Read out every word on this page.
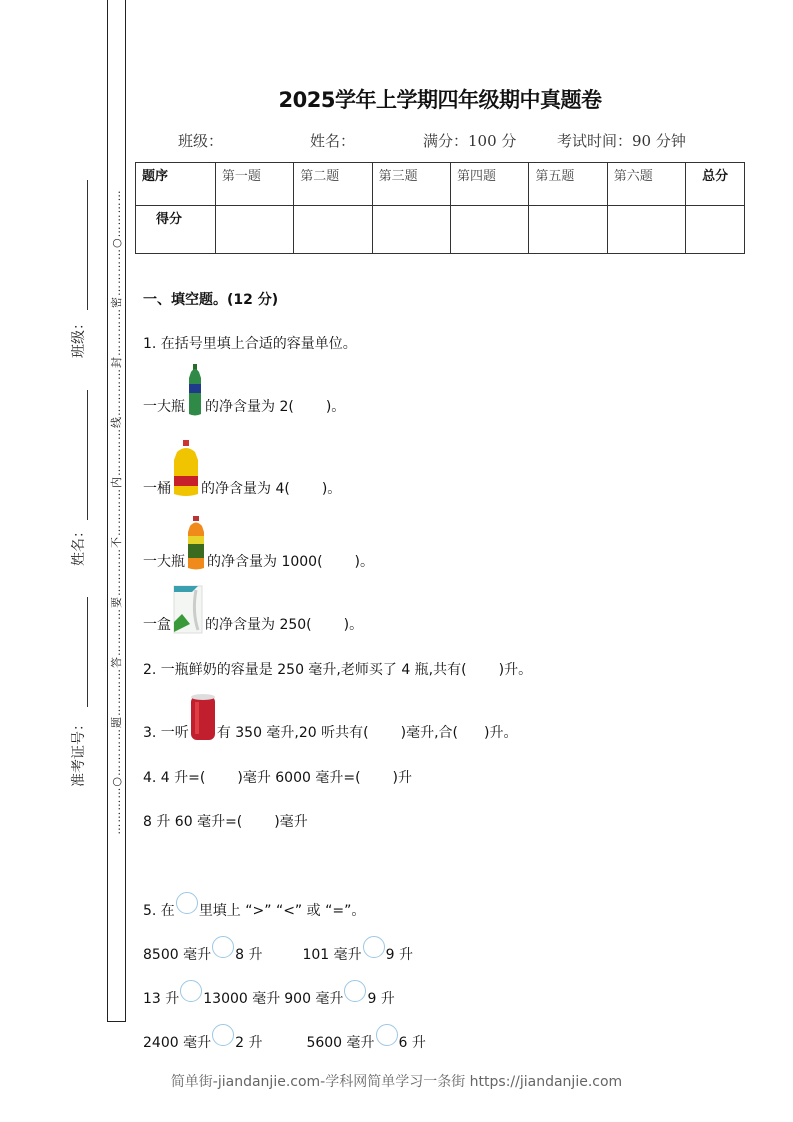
…………○…………题…………答…………要…………不…………内…………线…………封…………密…………○…………
班级：
姓名：
准考证号：
2025学年上学期四年级期中真题卷
班级：	姓名：	满分：100 分	考试时间：90 分钟
题序	第一题	第二题	第三题	第四题	第五题	第六题	总分
得分							
一、填空题。(12 分)
1. 在括号里填上合适的容量单位。
一大瓶 的净含量为 2( )。
一桶 的净含量为 4( )。
一大瓶 的净含量为 1000( )。
一盒 的净含量为 250( )。
2. 一瓶鲜奶的容量是 250 毫升,老师买了 4 瓶,共有( )升。
3. 一听 有 350 毫升,20 听共有( )毫升,合( )升。
4. 4 升=( )毫升 6000 毫升=( )升
8 升 60 毫升=( )毫升
5. 在 里填上 “>” “<” 或 “=”。
8500 毫升 8 升	101 毫升 9 升
13 升 13000 毫升 900 毫升 9 升
2400 毫升 2 升	5600 毫升 6 升
简单街-jiandanjie.com-学科网简单学习一条街 https://jiandanjie.com
